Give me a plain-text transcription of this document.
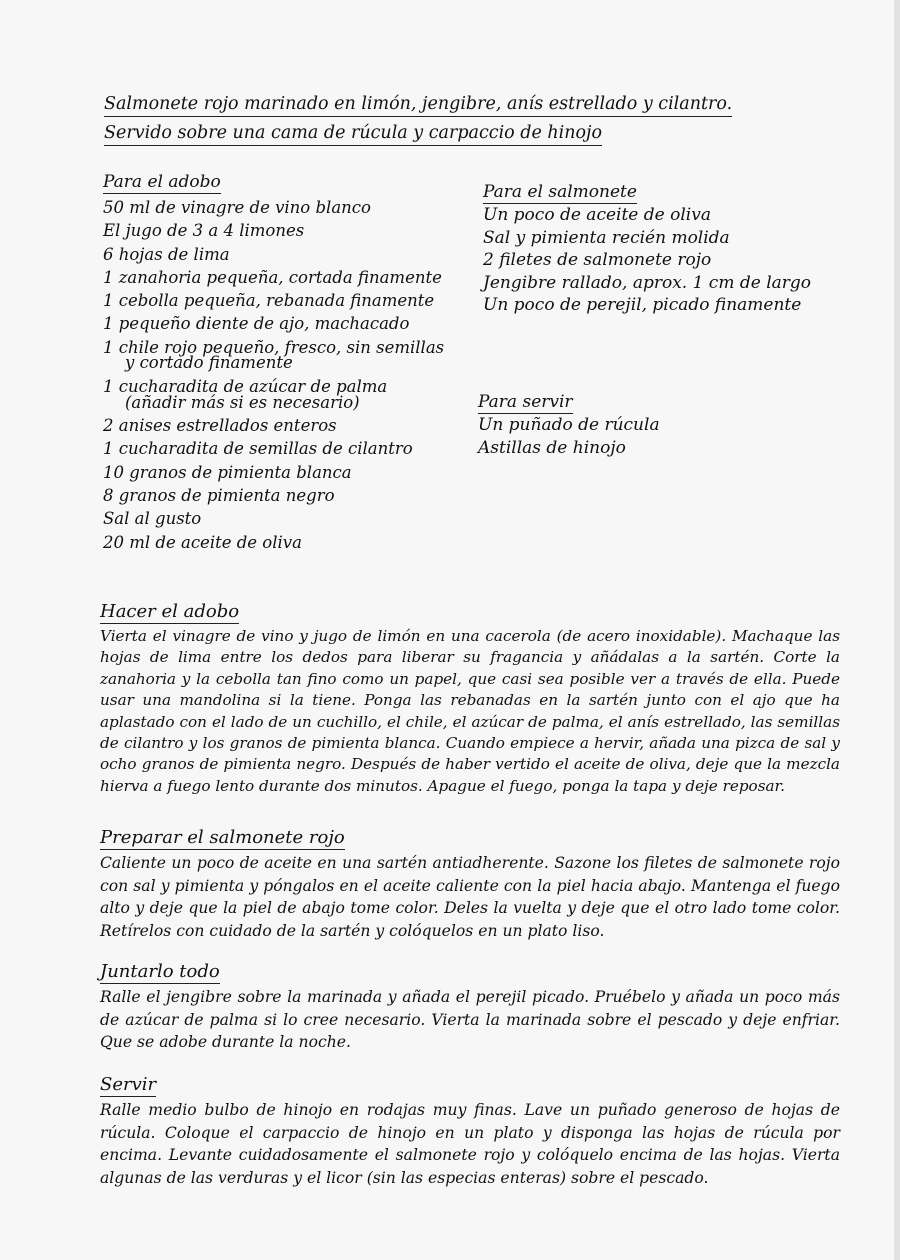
Salmonete rojo marinado en limón, jengibre, anís estrellado y cilantro.
Servido sobre una cama de rúcula y carpaccio de hinojo
Para el adobo
50 ml de vinagre de vino blanco
El jugo de 3 a 4 limones
6 hojas de lima
1 zanahoria pequeña, cortada finamente
1 cebolla pequeña, rebanada finamente
1 pequeño diente de ajo, machacado
1 chile rojo pequeño, fresco, sin semillas
y cortado finamente
1 cucharadita de azúcar de palma
(añadir más si es necesario)
2 anises estrellados enteros
1 cucharadita de semillas de cilantro
10 granos de pimienta blanca
8 granos de pimienta negro
Sal al gusto
20 ml de aceite de oliva
Para el salmonete
Un poco de aceite de oliva
Sal y pimienta recién molida
2 filetes de salmonete rojo
Jengibre rallado, aprox. 1 cm de largo
Un poco de perejil, picado finamente
Para servir
Un puñado de rúcula
Astillas de hinojo
Hacer el adobo

Vierta el vinagre de vino y jugo de limón en una cacerola (de acero inoxidable). Machaque las hojas de lima entre los dedos para liberar su fragancia y añádalas a la sartén. Corte la zanahoria y la cebolla tan fino como un papel, que casi sea posible ver a través de ella. Puede usar una mandolina si la tiene. Ponga las rebanadas en la sartén junto con el ajo que ha aplastado con el lado de un cuchillo, el chile, el azúcar de palma, el anís estrellado, las semillas de cilantro y los granos de pimienta blanca. Cuando empiece a hervir, añada una pizca de sal y ocho granos de pimienta negro. Después de haber vertido el aceite de oliva, deje que la mezcla hierva a fuego lento durante dos minutos. Apague el fuego, ponga la tapa y deje reposar.

Preparar el salmonete rojo

Caliente un poco de aceite en una sartén antiadherente. Sazone los filetes de salmonete rojo con sal y pimienta y póngalos en el aceite caliente con la piel hacia abajo. Mantenga el fuego alto y deje que la piel de abajo tome color. Deles la vuelta y deje que el otro lado tome color. Retírelos con cuidado de la sartén y colóquelos en un plato liso.

Juntarlo todo

Ralle el jengibre sobre la marinada y añada el perejil picado. Pruébelo y añada un poco más de azúcar de palma si lo cree necesario. Vierta la marinada sobre el pescado y deje enfriar. Que se adobe durante la noche.

Servir

Ralle medio bulbo de hinojo en rodajas muy finas. Lave un puñado generoso de hojas de rúcula. Coloque el carpaccio de hinojo en un plato y disponga las hojas de rúcula por encima. Levante cuidadosamente el salmonete rojo y colóquelo encima de las hojas. Vierta algunas de las verduras y el licor (sin las especias enteras) sobre el pescado.
